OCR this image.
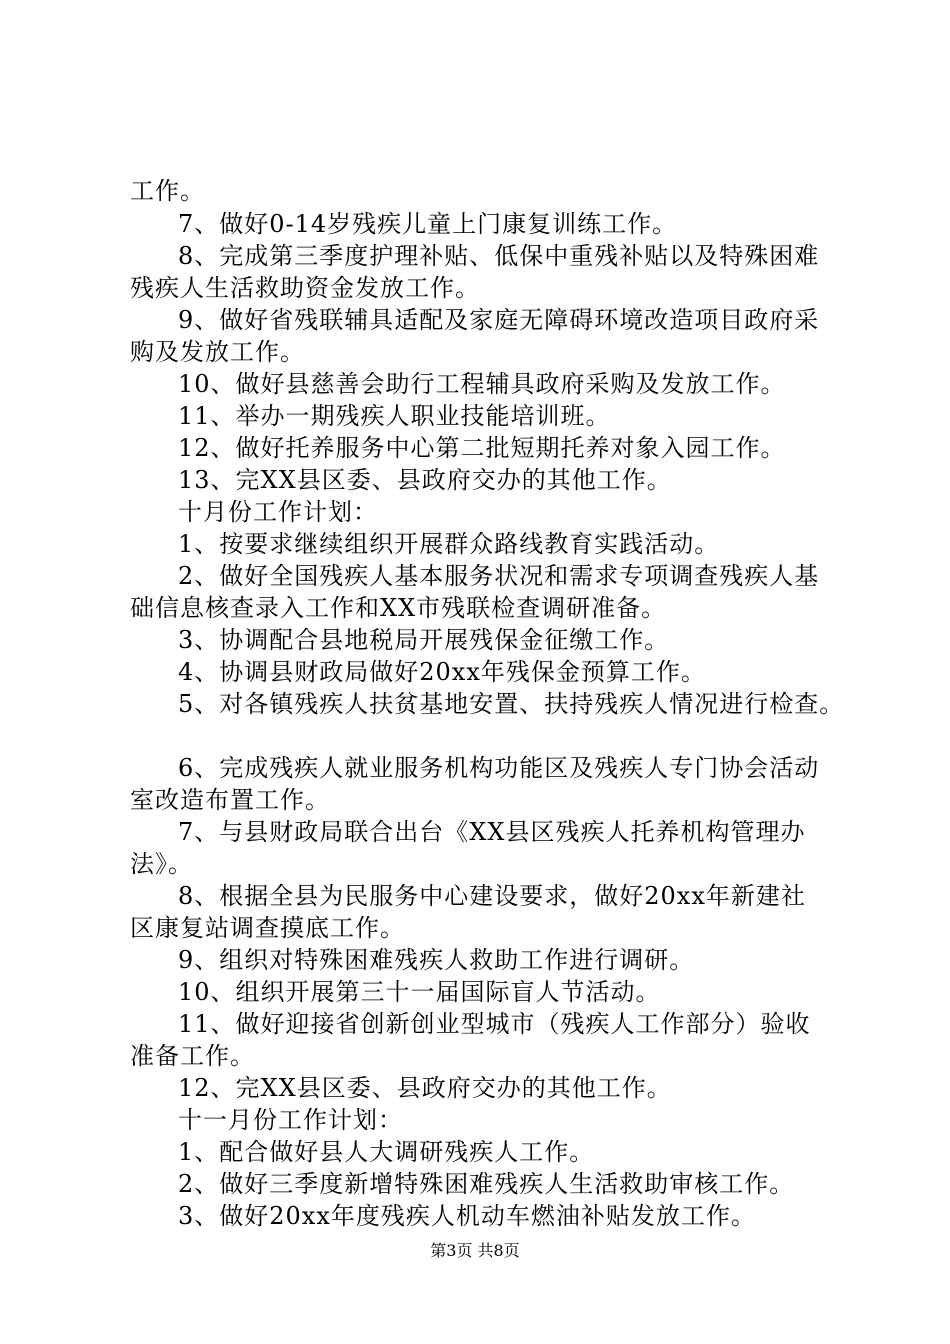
工作。
7、做好0-14岁残疾儿童上门康复训练工作。
8、完成第三季度护理补贴、低保中重残补贴以及特殊困难
残疾人生活救助资金发放工作。
9、做好省残联辅具适配及家庭无障碍环境改造项目政府采
购及发放工作。
10、做好县慈善会助行工程辅具政府采购及发放工作。
11、举办一期残疾人职业技能培训班。
12、做好托养服务中心第二批短期托养对象入园工作。
13、完XX县区委、县政府交办的其他工作。
十月份工作计划：
1、按要求继续组织开展群众路线教育实践活动。
2、做好全国残疾人基本服务状况和需求专项调查残疾人基
础信息核查录入工作和XX市残联检查调研准备。
3、协调配合县地税局开展残保金征缴工作。
4、协调县财政局做好20xx年残保金预算工作。
5、对各镇残疾人扶贫基地安置、扶持残疾人情况进行检查。
6、完成残疾人就业服务机构功能区及残疾人专门协会活动
室改造布置工作。
7、与县财政局联合出台《XX县区残疾人托养机构管理办
法》。
8、根据全县为民服务中心建设要求，做好20xx年新建社
区康复站调查摸底工作。
9、组织对特殊困难残疾人救助工作进行调研。
10、组织开展第三十一届国际盲人节活动。
11、做好迎接省创新创业型城市（残疾人工作部分）验收
准备工作。
12、完XX县区委、县政府交办的其他工作。
十一月份工作计划：
1、配合做好县人大调研残疾人工作。
2、做好三季度新增特殊困难残疾人生活救助审核工作。
3、做好20xx年度残疾人机动车燃油补贴发放工作。
第3页 共8页
